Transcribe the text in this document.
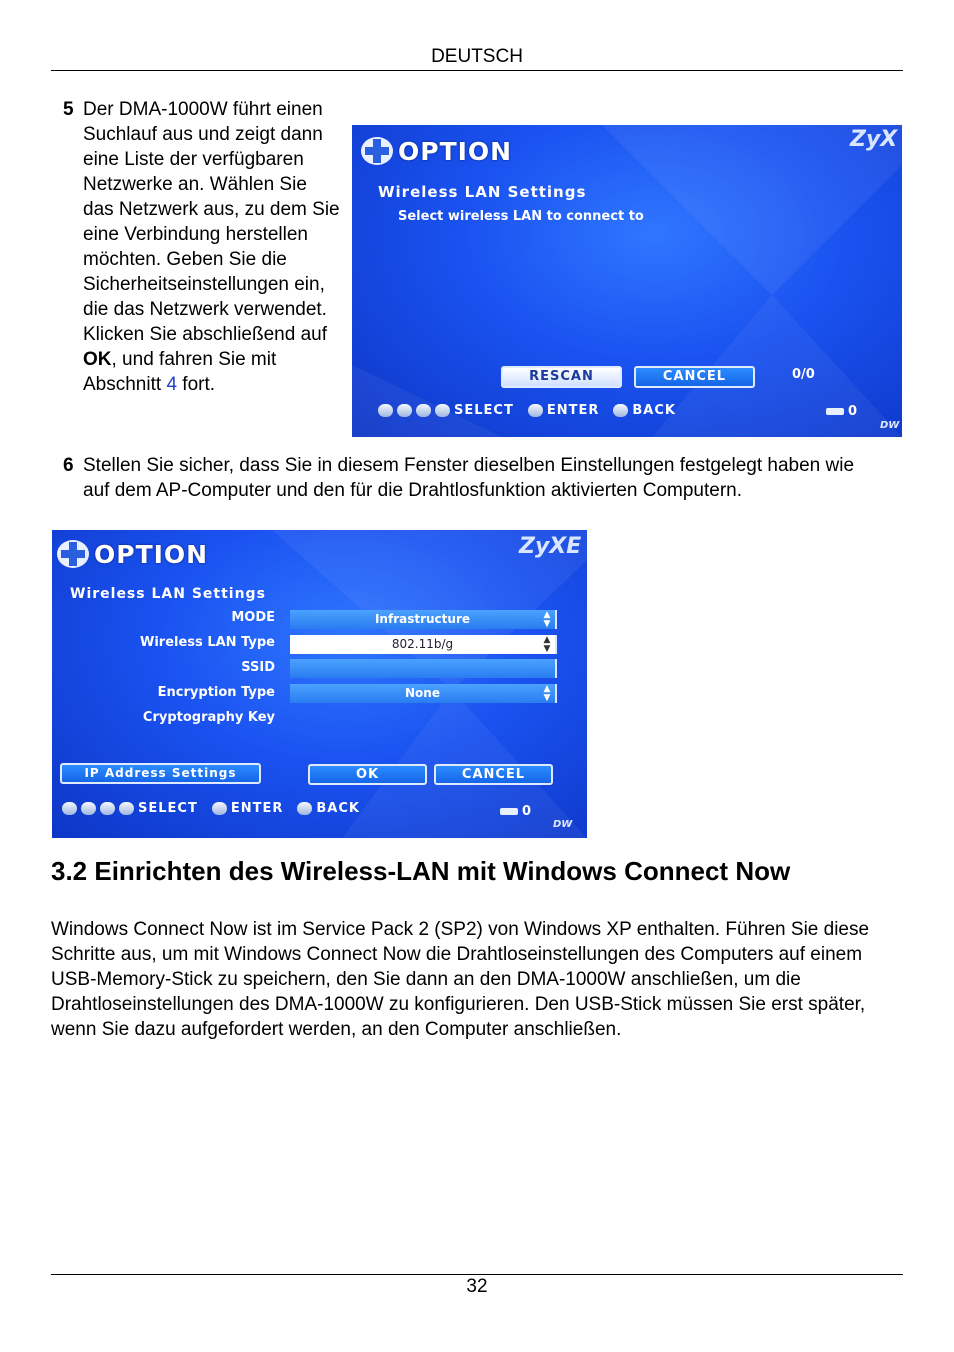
DEUTSCH
5 Der DMA-1000W führt einen Suchlauf aus und zeigt dann eine Liste der verfügbaren Netzwerke an. Wählen Sie das Netzwerk aus, zu dem Sie eine Verbindung herstellen möchten. Geben Sie die Sicherheitseinstellungen ein, die das Netzwerk verwendet. Klicken Sie abschließend auf OK, und fahren Sie mit Abschnitt 4 fort.
OPTION	ZyX
Wireless LAN Settings
Select wireless LAN to connect to
RESCAN	CANCEL	0/0
SELECT	ENTER	BACK	0
DW
6 Stellen Sie sicher, dass Sie in diesem Fenster dieselben Einstellungen festgelegt haben wie auf dem AP-Computer und den für die Drahtlosfunktion aktivierten Computern.
OPTION	ZyXE
Wireless LAN Settings
MODE	Infrastructure	▲
▼
Wireless LAN Type	802.11b/g	▲
▼
SSID
Encryption Type	None	▲
▼
Cryptography Key
IP Address Settings	OK	CANCEL
SELECT	ENTER	BACK	0
DW
3.2 Einrichten des Wireless-LAN mit Windows Connect Now
Windows Connect Now ist im Service Pack 2 (SP2) von Windows XP enthalten. Führen Sie diese Schritte aus, um mit Windows Connect Now die Drahtloseinstellungen des Computers auf einem USB-Memory-Stick zu speichern, den Sie dann an den DMA-1000W anschließen, um die Drahtloseinstellungen des DMA-1000W zu konfigurieren. Den USB-Stick müssen Sie erst später, wenn Sie dazu aufgefordert werden, an den Computer anschließen.
32
